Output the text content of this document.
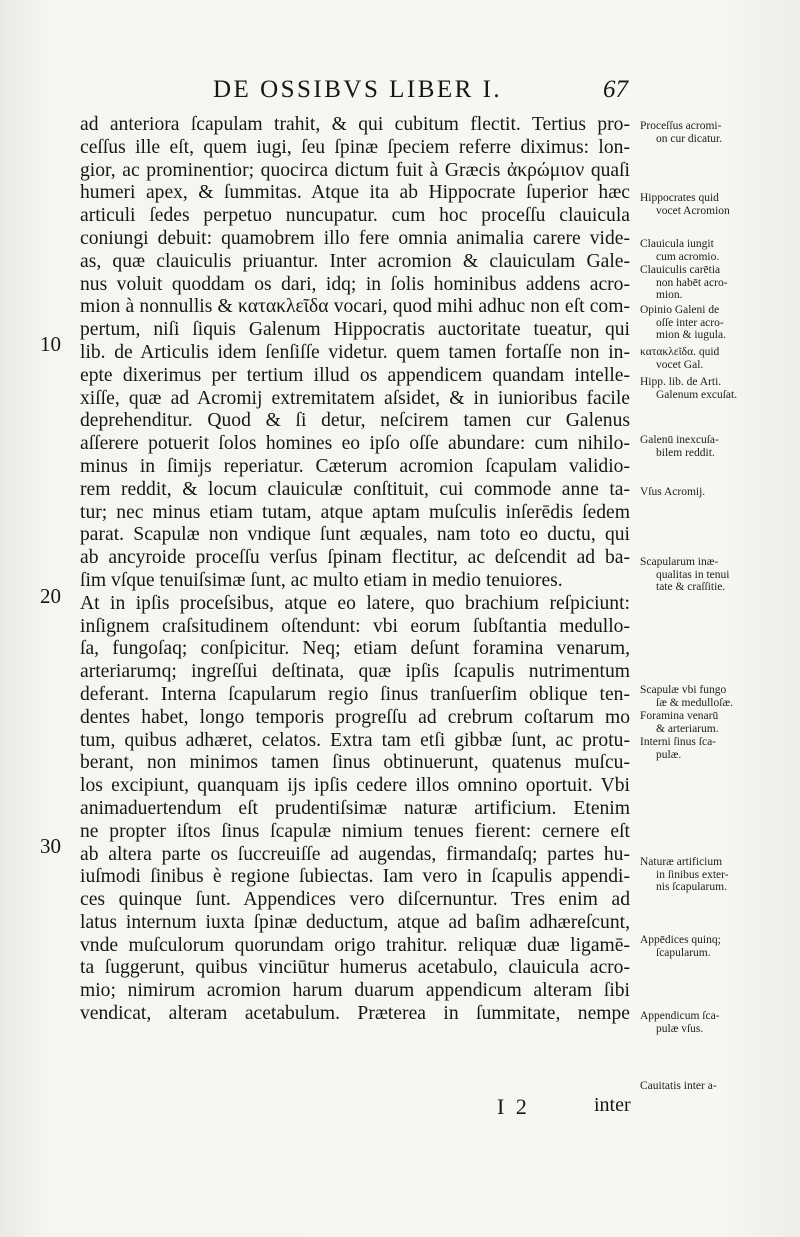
DE OSSIBVS LIBER I.	67
ad anteriora ſcapulam trahit, & qui cubitum flectit. Tertius pro-
ceſſus ille eſt, quem iugi, ſeu ſpinæ ſpeciem referre diximus: lon-
gior, ac prominentior; quocirca dictum fuit à Græcis ἀκρώμιον quaſi
humeri apex, & ſummitas. Atque ita ab Hippocrate ſuperior hæc
articuli ſedes perpetuo nuncupatur. cum hoc proceſſu clauicula
coniungi debuit: quamobrem illo fere omnia animalia carere vide-
as, quæ clauiculis priuantur. Inter acromion & clauiculam Gale-
nus voluit quoddam os dari, idq; in ſolis hominibus addens acro-
mion à nonnullis & κατακλεῖδα vocari, quod mihi adhuc non eſt com-
pertum, niſi ſiquis Galenum Hippocratis auctoritate tueatur, qui
lib. de Articulis idem ſenſiſſe videtur. quem tamen fortaſſe non in-
epte dixerimus per tertium illud os appendicem quandam intelle-
xiſſe, quæ ad Acromij extremitatem aſsidet, & in iunioribus facile
deprehenditur. Quod & ſi detur, neſcirem tamen cur Galenus
aſſerere potuerit ſolos homines eo ipſo oſſe abundare: cum nihilo-
minus in ſimijs reperiatur. Cæterum acromion ſcapulam validio-
rem reddit, & locum clauiculæ conſtituit, cui commode anne ta-
tur; nec minus etiam tutam, atque aptam muſculis inſerēdis ſedem
parat. Scapulæ non vndique ſunt æquales, nam toto eo ductu, qui
ab ancyroide proceſſu verſus ſpinam flectitur, ac deſcendit ad ba-
ſim vſque tenuiſsimæ ſunt, ac multo etiam in medio tenuiores.
At in ipſis proceſsibus, atque eo latere, quo brachium reſpiciunt:
inſignem craſsitudinem oſtendunt: vbi eorum ſubſtantia medullo-
ſa, fungoſaq; conſpicitur. Neq; etiam deſunt foramina venarum,
arteriarumq; ingreſſui deſtinata, quæ ipſis ſcapulis nutrimentum
deferant. Interna ſcapularum regio ſinus tranſuerſim oblique ten-
dentes habet, longo temporis progreſſu ad crebrum coſtarum mo
tum, quibus adhæret, celatos. Extra tam etſi gibbæ ſunt, ac protu-
berant, non minimos tamen ſinus obtinuerunt, quatenus muſcu-
los excipiunt, quanquam ijs ipſis cedere illos omnino oportuit. Vbi
animaduertendum eſt prudentiſsimæ naturæ artificium. Etenim
ne propter iſtos ſinus ſcapulæ nimium tenues fierent: cernere eſt
ab altera parte os ſuccreuiſſe ad augendas, firmandaſq; partes hu-
iuſmodi ſinibus è regione ſubiectas. Iam vero in ſcapulis appendi-
ces quinque ſunt. Appendices vero diſcernuntur. Tres enim ad
latus internum iuxta ſpinæ deductum, atque ad baſim adhæreſcunt,
vnde muſculorum quorundam origo trahitur. reliquæ duæ ligamē-
ta ſuggerunt, quibus vinciūtur humerus acetabulo, clauicula acro-
mio; nimirum acromion harum duarum appendicum alteram ſibi
vendicat, alteram acetabulum. Præterea in ſummitate, nempe
10
20
30
Proceſſus acromi-
on cur dicatur.
Hippocrates quid
vocet Acromion
Clauicula iungit
cum acromio.
Clauiculis carētia
non habēt acro-
mion.
Opinio Galeni de
oſſe inter acro-
mion & iugula.
κατακλεῖδα. quid
vocet Gal.
Hipp. lib. de Arti.
Galenum excuſat.
Galenū inexcuſa-
bilem reddit.
Vſus Acromij.
Scapularum inæ-
qualitas in tenui
tate & craſſitie.
Scapulæ vbi fungo
ſæ & medulloſæ.
Foramina venarū
& arteriarum.
Interni ſinus ſca-
pulæ.
Naturæ artificium
in ſinibus exter-
nis ſcapularum.
Appēdices quinq;
ſcapularum.
Appendicum ſca-
pulæ vſus.
Cauitatis inter a-
I 2	inter
